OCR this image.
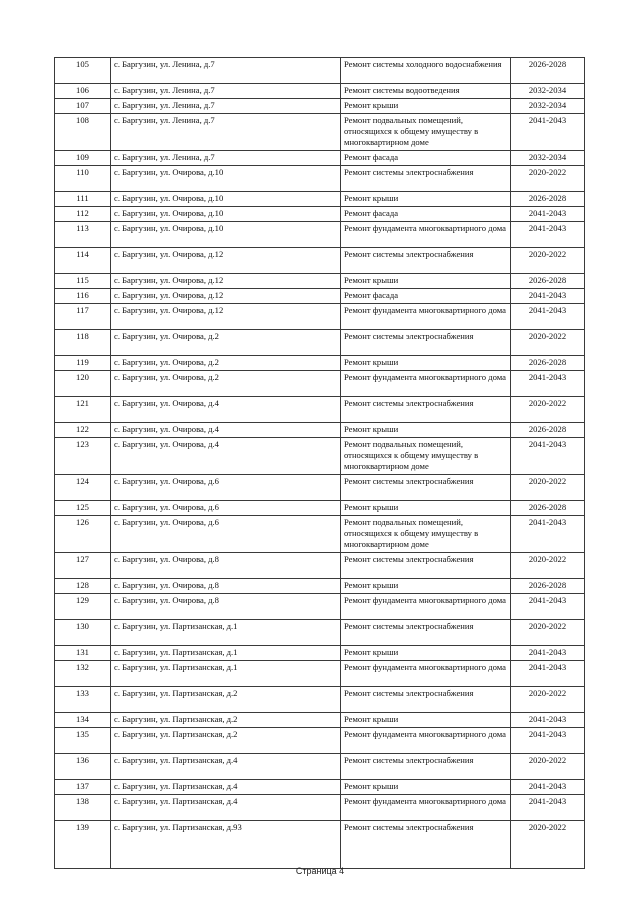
105	с. Баргузин, ул. Ленина, д.7	Ремонт системы холодного водоснабжения	2026-2028
106	с. Баргузин, ул. Ленина, д.7	Ремонт системы водоотведения	2032-2034
107	с. Баргузин, ул. Ленина, д.7	Ремонт крыши	2032-2034
108	с. Баргузин, ул. Ленина, д.7	Ремонт подвальных помещений, относящихся к общему имуществу в многоквартирном доме	2041-2043
109	с. Баргузин, ул. Ленина, д.7	Ремонт фасада	2032-2034
110	с. Баргузин, ул. Очирова, д.10	Ремонт системы электроснабжения	2020-2022
111	с. Баргузин, ул. Очирова, д.10	Ремонт крыши	2026-2028
112	с. Баргузин, ул. Очирова, д.10	Ремонт фасада	2041-2043
113	с. Баргузин, ул. Очирова, д.10	Ремонт фундамента многоквартирного дома	2041-2043
114	с. Баргузин, ул. Очирова, д.12	Ремонт системы электроснабжения	2020-2022
115	с. Баргузин, ул. Очирова, д.12	Ремонт крыши	2026-2028
116	с. Баргузин, ул. Очирова, д.12	Ремонт фасада	2041-2043
117	с. Баргузин, ул. Очирова, д.12	Ремонт фундамента многоквартирного дома	2041-2043
118	с. Баргузин, ул. Очирова, д.2	Ремонт системы электроснабжения	2020-2022
119	с. Баргузин, ул. Очирова, д.2	Ремонт крыши	2026-2028
120	с. Баргузин, ул. Очирова, д.2	Ремонт фундамента многоквартирного дома	2041-2043
121	с. Баргузин, ул. Очирова, д.4	Ремонт системы электроснабжения	2020-2022
122	с. Баргузин, ул. Очирова, д.4	Ремонт крыши	2026-2028
123	с. Баргузин, ул. Очирова, д.4	Ремонт подвальных помещений, относящихся к общему имуществу в многоквартирном доме	2041-2043
124	с. Баргузин, ул. Очирова, д.6	Ремонт системы электроснабжения	2020-2022
125	с. Баргузин, ул. Очирова, д.6	Ремонт крыши	2026-2028
126	с. Баргузин, ул. Очирова, д.6	Ремонт подвальных помещений, относящихся к общему имуществу в многоквартирном доме	2041-2043
127	с. Баргузин, ул. Очирова, д.8	Ремонт системы электроснабжения	2020-2022
128	с. Баргузин, ул. Очирова, д.8	Ремонт крыши	2026-2028
129	с. Баргузин, ул. Очирова, д.8	Ремонт фундамента многоквартирного дома	2041-2043
130	с. Баргузин, ул. Партизанская, д.1	Ремонт системы электроснабжения	2020-2022
131	с. Баргузин, ул. Партизанская, д.1	Ремонт крыши	2041-2043
132	с. Баргузин, ул. Партизанская, д.1	Ремонт фундамента многоквартирного дома	2041-2043
133	с. Баргузин, ул. Партизанская, д.2	Ремонт системы электроснабжения	2020-2022
134	с. Баргузин, ул. Партизанская, д.2	Ремонт крыши	2041-2043
135	с. Баргузин, ул. Партизанская, д.2	Ремонт фундамента многоквартирного дома	2041-2043
136	с. Баргузин, ул. Партизанская, д.4	Ремонт системы электроснабжения	2020-2022
137	с. Баргузин, ул. Партизанская, д.4	Ремонт крыши	2041-2043
138	с. Баргузин, ул. Партизанская, д.4	Ремонт фундамента многоквартирного дома	2041-2043
139	с. Баргузин, ул. Партизанская, д.93	Ремонт системы электроснабжения	2020-2022
Страница 4
